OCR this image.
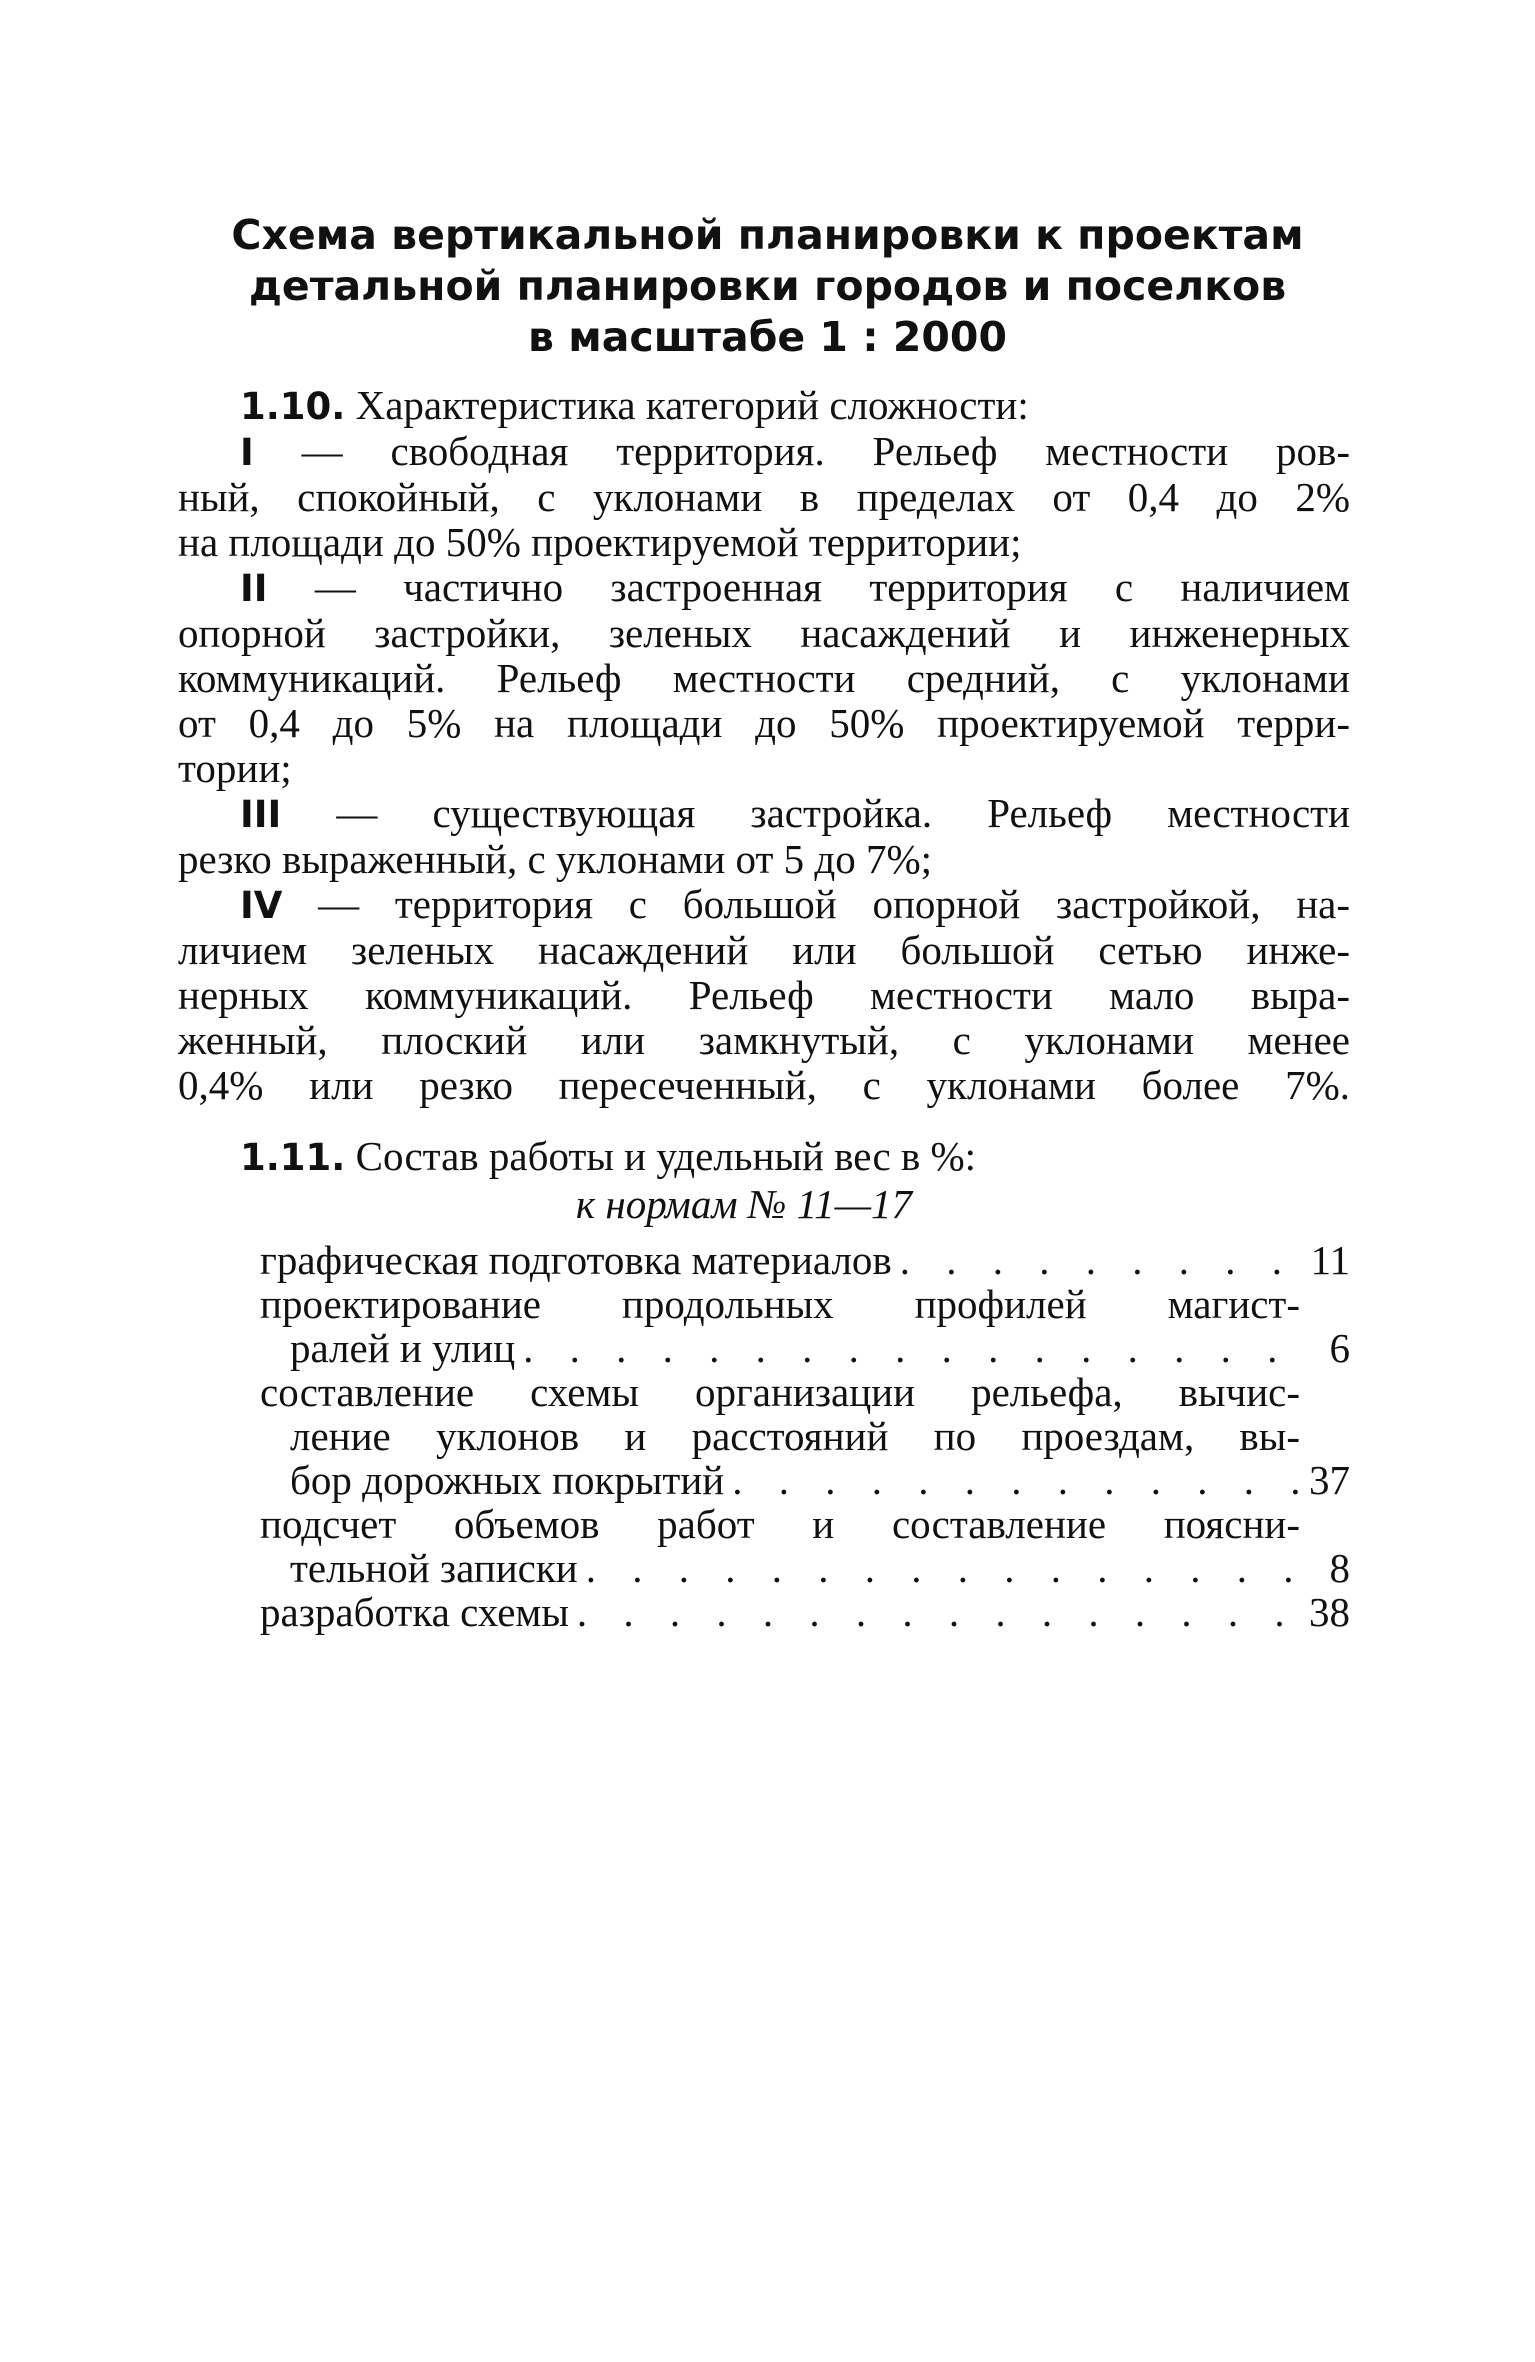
Схема вертикальной планировки к проектам
детальной планировки городов и поселков
в масштабе 1 : 2000
1.10. Характеристика категорий сложности:
I — свободная территория. Рельеф местности ров-
ный, спокойный, с уклонами в пределах от 0,4 до 2%
на площади до 50% проектируемой территории;
II — частично застроенная территория с наличием
опорной застройки, зеленых насаждений и инженерных
коммуникаций. Рельеф местности средний, с уклонами
от 0,4 до 5% на площади до 50% проектируемой терри-
тории;
III — существующая застройка. Рельеф местности
резко выраженный, с уклонами от 5 до 7%;
IV — территория с большой опорной застройкой, на-
личием зеленых насаждений или большой сетью инже-
нерных коммуникаций. Рельеф местности мало выра-
женный, плоский или замкнутый, с уклонами менее
0,4% или резко пересеченный, с уклонами более 7%.
1.11. Состав работы и удельный вес в %:
к нормам № 11—17
графическая подготовка материалов . . .	11
проектирование продольных профилей магист-
ралей и улиц . . .	6
составление схемы организации рельефа, вычис-
ление уклонов и расстояний по проездам, вы-
бор дорожных покрытий . . .	37
подсчет объемов работ и составление поясни-
тельной записки . . .	8
разработка схемы . . .	38
